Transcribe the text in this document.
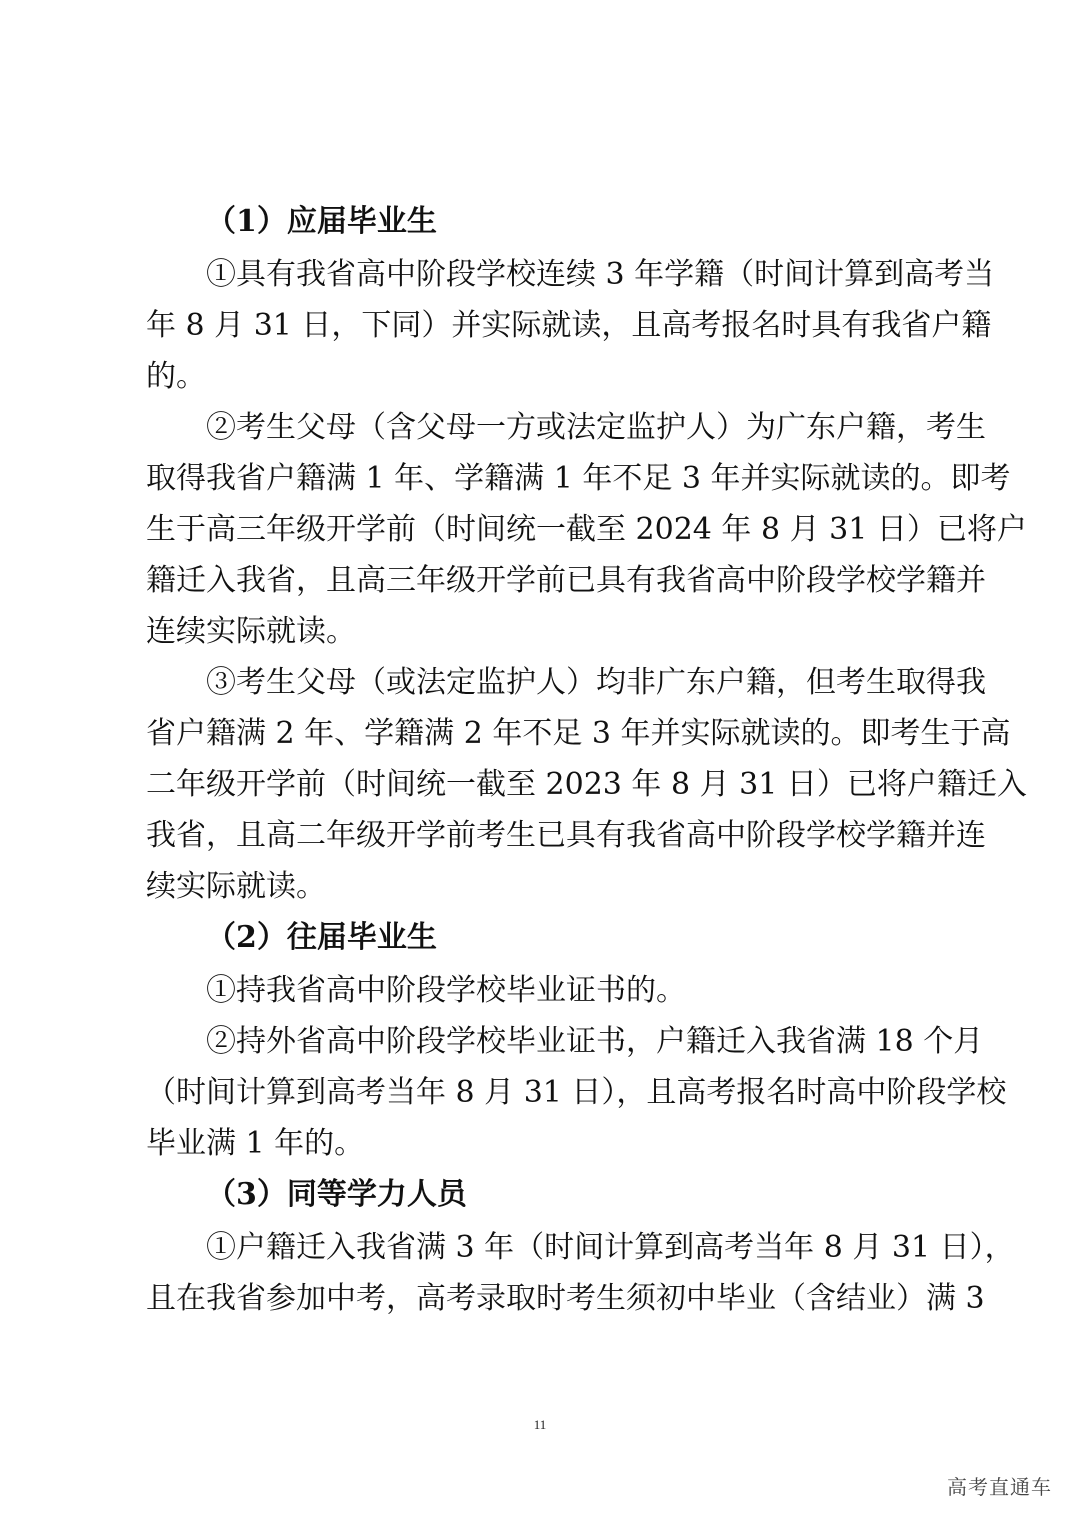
（1）应届毕业生
①具有我省高中阶段学校连续 3 年学籍（时间计算到高考当
年 8 月 31 日，下同）并实际就读，且高考报名时具有我省户籍
的。
②考生父母（含父母一方或法定监护人）为广东户籍，考生
取得我省户籍满 1 年、学籍满 1 年不足 3 年并实际就读的。即考
生于高三年级开学前（时间统一截至 2024 年 8 月 31 日）已将户
籍迁入我省，且高三年级开学前已具有我省高中阶段学校学籍并
连续实际就读。
③考生父母（或法定监护人）均非广东户籍，但考生取得我
省户籍满 2 年、学籍满 2 年不足 3 年并实际就读的。即考生于高
二年级开学前（时间统一截至 2023 年 8 月 31 日）已将户籍迁入
我省，且高二年级开学前考生已具有我省高中阶段学校学籍并连
续实际就读。
（2）往届毕业生
①持我省高中阶段学校毕业证书的。
②持外省高中阶段学校毕业证书，户籍迁入我省满 18 个月
（时间计算到高考当年 8 月 31 日），且高考报名时高中阶段学校
毕业满 1 年的。
（3）同等学力人员
①户籍迁入我省满 3 年（时间计算到高考当年 8 月 31 日），
且在我省参加中考，高考录取时考生须初中毕业（含结业）满 3
11
高考直通车
